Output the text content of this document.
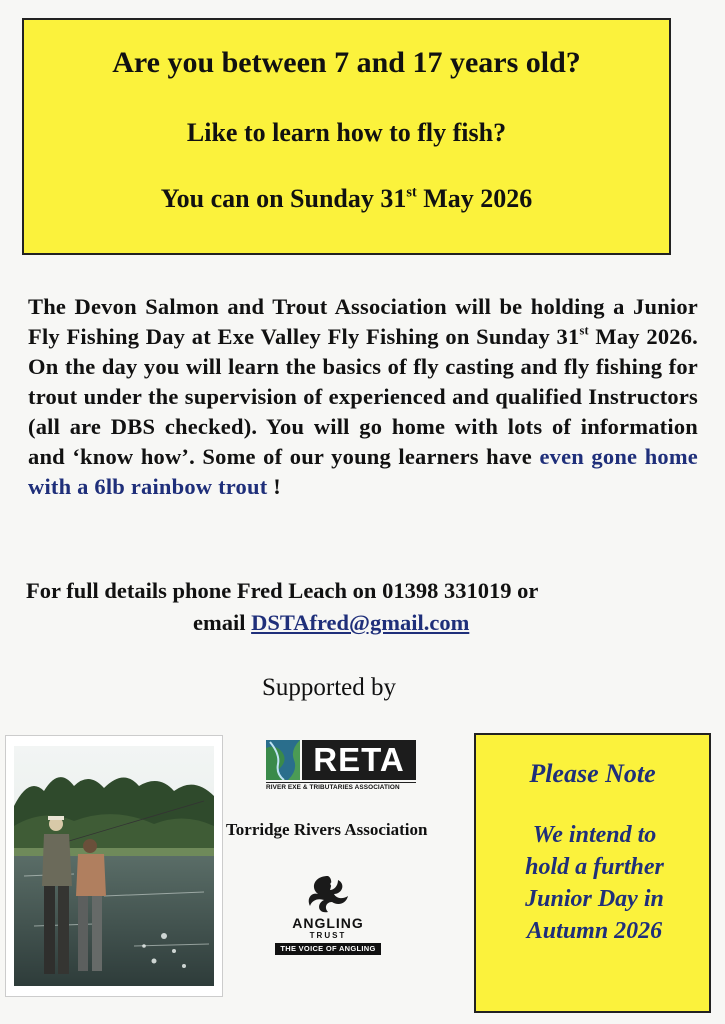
Are you between 7 and 17 years old?
Like to learn how to fly fish?
You can on Sunday 31st May 2026
The Devon Salmon and Trout Association will be holding a Junior Fly Fishing Day at Exe Valley Fly Fishing on Sunday 31st May 2026. On the day you will learn the basics of fly casting and fly fishing for trout under the supervision of experienced and qualified Instructors (all are DBS checked). You will go home with lots of information and ‘know how’. Some of our young learners have even gone home with a 6lb rainbow trout !
For full details phone Fred Leach on 01398 331019 or
email DSTAfred@gmail.com
Supported by
RETA
RIVER EXE & TRIBUTARIES ASSOCIATION
Torridge Rivers Association
ANGLING
TRUST
THE VOICE OF ANGLING
Please Note
We intend to
hold a further
Junior Day in
Autumn 2026
